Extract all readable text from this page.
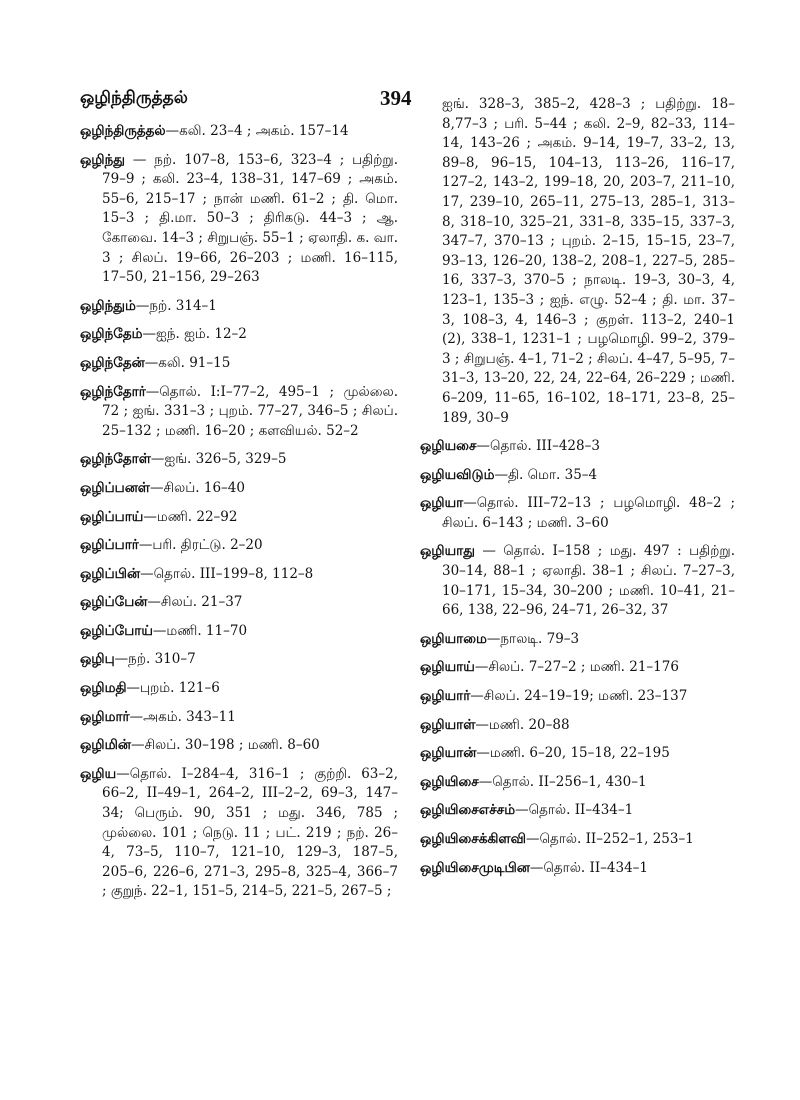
ஒழிந்திருத்தல்	394

ஒழிந்திருத்தல்—கலி. 23–4 ; அகம். 157–14

ஒழிந்து — நற். 107–8, 153–6, 323–4 ; பதிற்று. 79–9 ; கலி. 23–4, 138–31, 147–69 ; அகம். 55–6, 215–17 ; நான் மணி. 61–2 ; தி. மொ. 15–3 ; தி.மா. 50–3 ; திரிகடு. 44–3 ; ஆ. கோவை. 14–3 ; சிறுபஞ். 55–1 ; ஏலாதி. க. வா. 3 ; சிலப். 19–66, 26–203 ; மணி. 16–115, 17–50, 21–156, 29–263

ஒழிந்தும்—நற். 314–1

ஒழிந்தேம்—ஐந். ஐம். 12–2

ஒழிந்தேன்—கலி. 91–15

ஒழிந்தோர்—தொல். I:I–77–2, 495–1 ; முல்லை. 72 ; ஐங். 331–3 ; புறம். 77–27, 346–5 ; சிலப். 25–132 ; மணி. 16–20 ; களவியல். 52–2

ஒழிந்தோள்—ஐங். 326–5, 329–5

ஒழிப்பனள்—சிலப். 16–40

ஒழிப்பாய்—மணி. 22–92

ஒழிப்பார்—பரி. திரட்டு. 2–20

ஒழிப்பின்—தொல். III–199–8, 112–8

ஒழிப்பேன்—சிலப். 21–37

ஒழிப்போய்—மணி. 11–70

ஒழிபு—நற். 310–7

ஒழிமதி—புறம். 121–6

ஒழிமார்—அகம். 343–11

ஒழிமின்—சிலப். 30–198 ; மணி. 8–60

ஒழிய—தொல். I–284–4, 316–1 ; குற்றி. 63–2, 66–2, II–49–1, 264–2, III–2–2, 69–3, 147–34; பெரும். 90, 351 ; மது. 346, 785 ; முல்லை. 101 ; நெடு. 11 ; பட். 219 ; நற். 26–4, 73–5, 110–7, 121–10, 129–3, 187–5, 205–6, 226–6, 271–3, 295–8, 325–4, 366–7 ; குறுந். 22–1, 151–5, 214–5, 221–5, 267–5 ;

ஐங். 328–3, 385–2, 428–3 ; பதிற்று. 18–8,77–3 ; பரி. 5–44 ; கலி. 2–9, 82–33, 114–14, 143–26 ; அகம். 9–14, 19–7, 33–2, 13, 89–8, 96–15, 104–13, 113–26, 116–17, 127–2, 143–2, 199–18, 20, 203–7, 211–10, 17, 239–10, 265–11, 275–13, 285–1, 313–8, 318–10, 325–21, 331–8, 335–15, 337–3, 347–7, 370–13 ; புறம். 2–15, 15–15, 23–7, 93–13, 126–20, 138–2, 208–1, 227–5, 285–16, 337–3, 370–5 ; நாலடி. 19–3, 30–3, 4, 123–1, 135–3 ; ஐந். எழு. 52–4 ; தி. மா. 37–3, 108–3, 4, 146–3 ; குறள். 113–2, 240–1 (2), 338–1, 1231–1 ; பழமொழி. 99–2, 379–3 ; சிறுபஞ். 4–1, 71–2 ; சிலப். 4–47, 5–95, 7–31–3, 13–20, 22, 24, 22–64, 26–229 ; மணி. 6–209, 11–65, 16–102, 18–171, 23–8, 25–189, 30–9

ஒழியசை—தொல். III–428–3

ஒழியவிடும்—தி. மொ. 35–4

ஒழியா—தொல். III–72–13 ; பழமொழி. 48–2 ; சிலப். 6–143 ; மணி. 3–60

ஒழியாது — தொல். I–158 ; மது. 497 : பதிற்று. 30–14, 88–1 ; ஏலாதி. 38–1 ; சிலப். 7–27–3, 10–171, 15–34, 30–200 ; மணி. 10–41, 21–66, 138, 22–96, 24–71, 26–32, 37

ஒழியாமை—நாலடி. 79–3

ஒழியாய்—சிலப். 7–27–2 ; மணி. 21–176

ஒழியார்—சிலப். 24–19–19; மணி. 23–137

ஒழியாள்—மணி. 20–88

ஒழியான்—மணி. 6–20, 15–18, 22–195

ஒழியிசை—தொல். II–256–1, 430–1

ஒழியிசைஎச்சம்—தொல். II–434–1

ஒழியிசைக்கிளவி—தொல். II–252–1, 253–1

ஒழியிசைமுடிபின—தொல். II–434–1
